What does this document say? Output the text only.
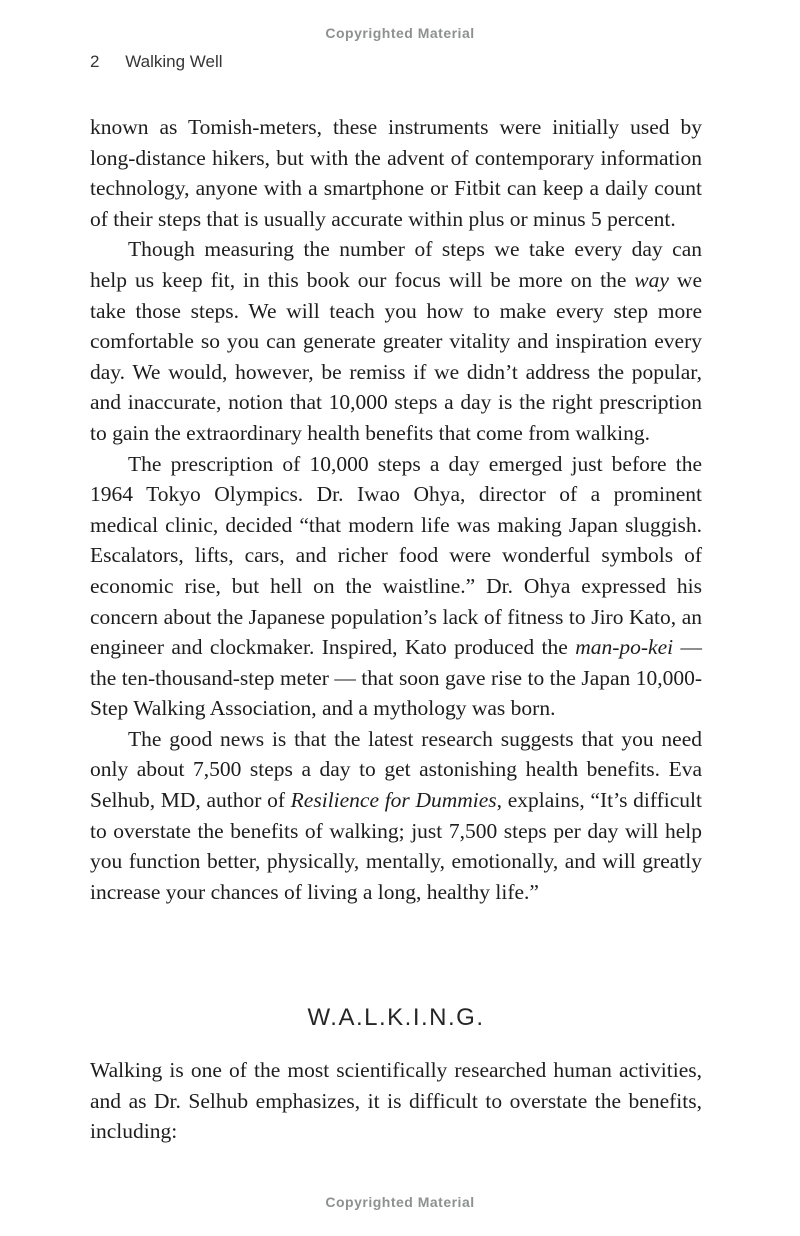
Copyrighted Material
2 Walking Well

known as Tomish-meters, these instruments were initially used by long-distance hikers, but with the advent of contemporary information technology, anyone with a smartphone or Fitbit can keep a daily count of their steps that is usually accurate within plus or minus 5 percent.

Though measuring the number of steps we take every day can help us keep fit, in this book our focus will be more on the way we take those steps. We will teach you how to make every step more comfortable so you can generate greater vitality and inspiration every day. We would, however, be remiss if we didn’t address the popular, and inaccurate, notion that 10,000 steps a day is the right prescription to gain the extraordinary health benefits that come from walking.

The prescription of 10,000 steps a day emerged just before the 1964 Tokyo Olympics. Dr. Iwao Ohya, director of a prominent medical clinic, decided “that modern life was making Japan sluggish. Escalators, lifts, cars, and richer food were wonderful symbols of economic rise, but hell on the waistline.” Dr. Ohya expressed his concern about the Japanese population’s lack of fitness to Jiro Kato, an engineer and clockmaker. Inspired, Kato produced the man-po-kei — the ten-thousand-step meter — that soon gave rise to the Japan 10,000-Step Walking Association, and a mythology was born.

The good news is that the latest research suggests that you need only about 7,500 steps a day to get astonishing health benefits. Eva Selhub, MD, author of Resilience for Dummies, explains, “It’s difficult to overstate the benefits of walking; just 7,500 steps per day will help you function better, physically, mentally, emotionally, and will greatly increase your chances of living a long, healthy life.”

W.A.L.K.I.N.G.

Walking is one of the most scientifically researched human activities, and as Dr. Selhub emphasizes, it is difficult to overstate the benefits, including:

Copyrighted Material
